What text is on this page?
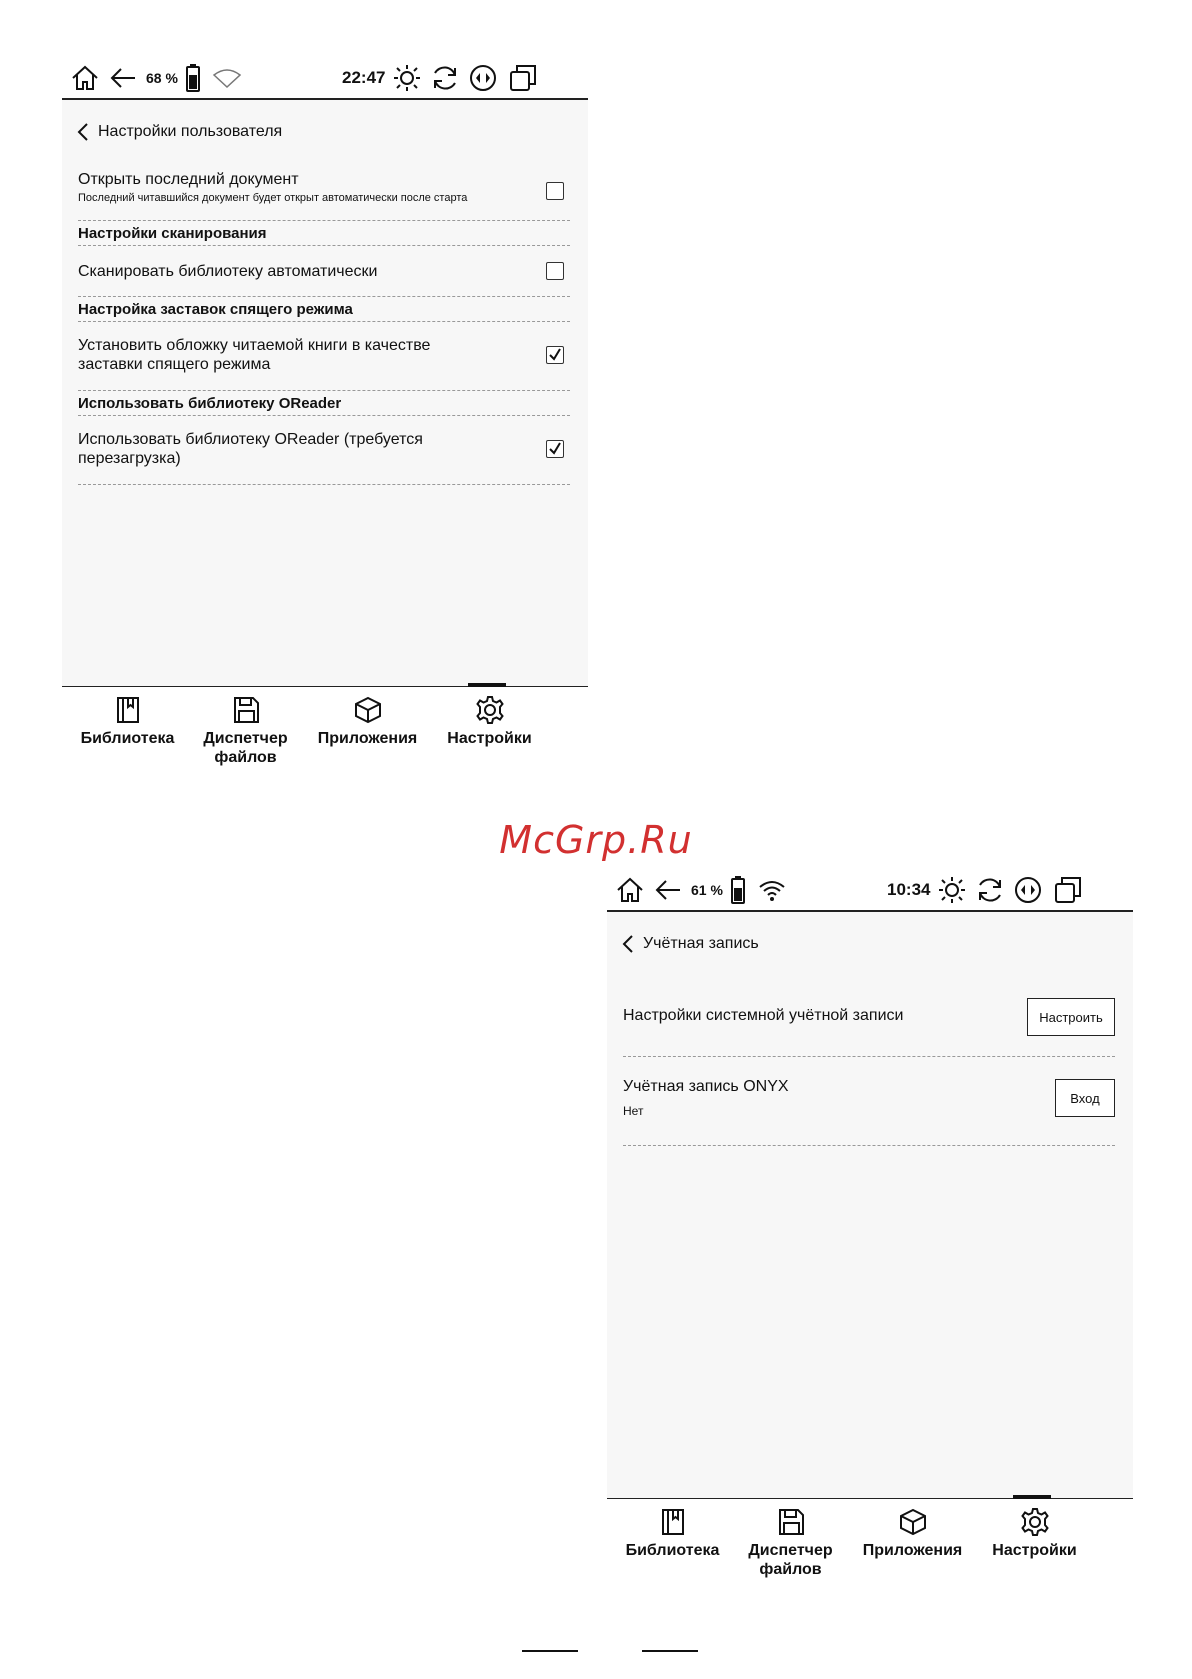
68 %	22:47
Настройки пользователя
Открыть последний документ
Последний читавшийся документ будет открыт автоматически после старта
Настройки сканирования
Сканировать библиотеку автоматически
Настройка заставок спящего режима
Установить обложку читаемой книги в качестве
заставки спящего режима
Использовать библиотеку OReader
Использовать библиотеку OReader (требуется
перезагрузка)
Библиотека	Диспетчер
файлов
Приложения	Настройки
McGrp.Ru
61 %	10:34
Учётная запись
Настройки системной учётной записи	Настроить
Учётная запись ONYX
Нет
Вход
Библиотека	Диспетчер
файлов
Приложения	Настройки
